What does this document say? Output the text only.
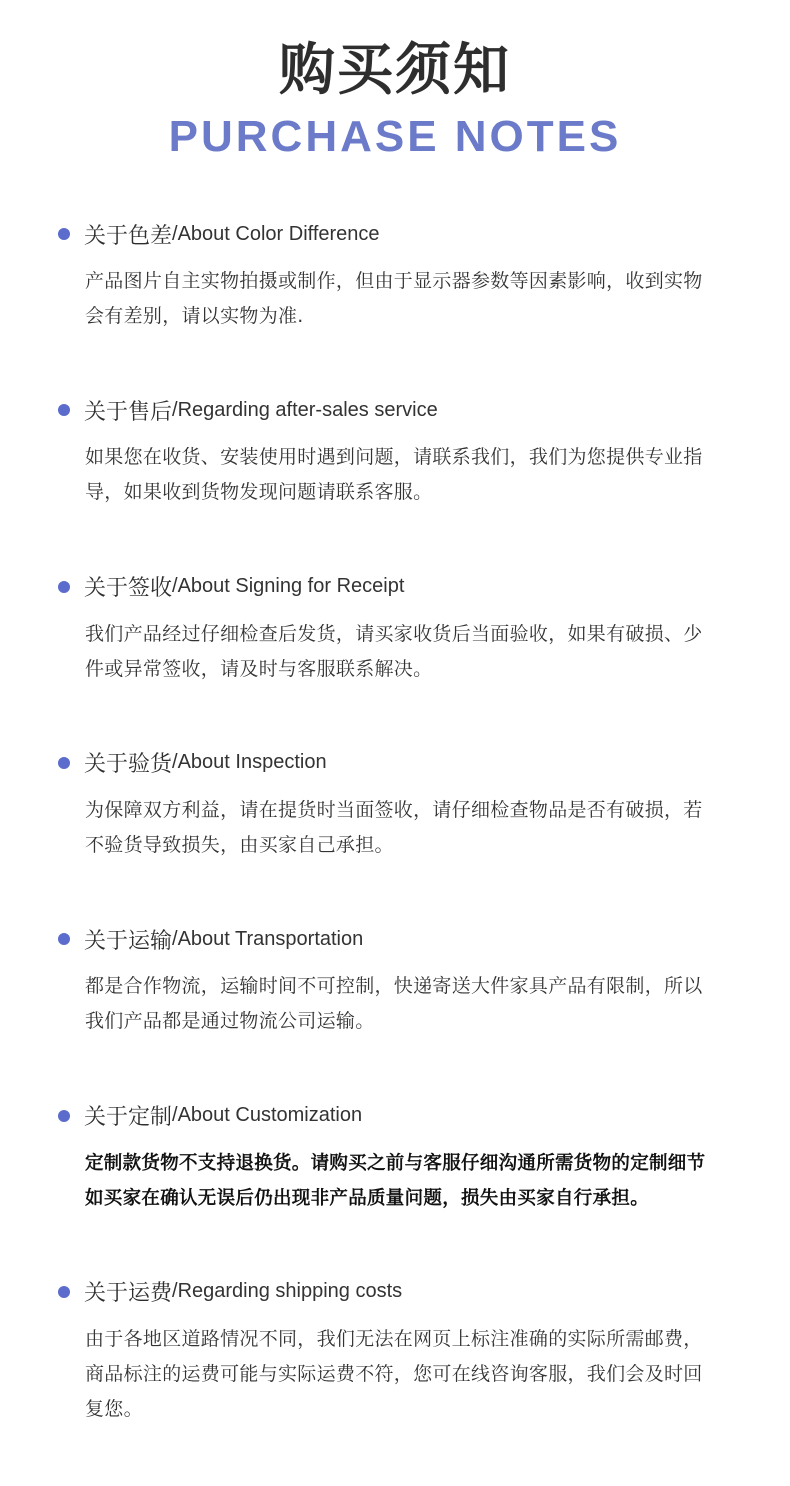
购买须知
PURCHASE NOTES
关于色差 /About Color Difference
产品图片自主实物拍摄或制作，但由于显示器参数等因素影响，收到实物
会有差别，请以实物为准.
关于售后 /Regarding after-sales service
如果您在收货、安装使用时遇到问题，请联系我们，我们为您提供专业指
导，如果收到货物发现问题请联系客服。
关于签收 /About Signing for Receipt
我们产品经过仔细检查后发货，请买家收货后当面验收，如果有破损、少
件或异常签收，请及时与客服联系解决。
关于验货 /About Inspection
为保障双方利益，请在提货时当面签收，请仔细检查物品是否有破损，若
不验货导致损失，由买家自己承担。
关于运输 /About Transportation
都是合作物流，运输时间不可控制，快递寄送大件家具产品有限制，所以
我们产品都是通过物流公司运输。
关于定制 /About Customization
定制款货物不支持退换货。请购买之前与客服仔细沟通所需货物的定制细节
如买家在确认无误后仍出现非产品质量问题，损失由买家自行承担。
关于运费 /Regarding shipping costs
由于各地区道路情况不同，我们无法在网页上标注准确的实际所需邮费，
商品标注的运费可能与实际运费不符，您可在线咨询客服，我们会及时回
复您。
